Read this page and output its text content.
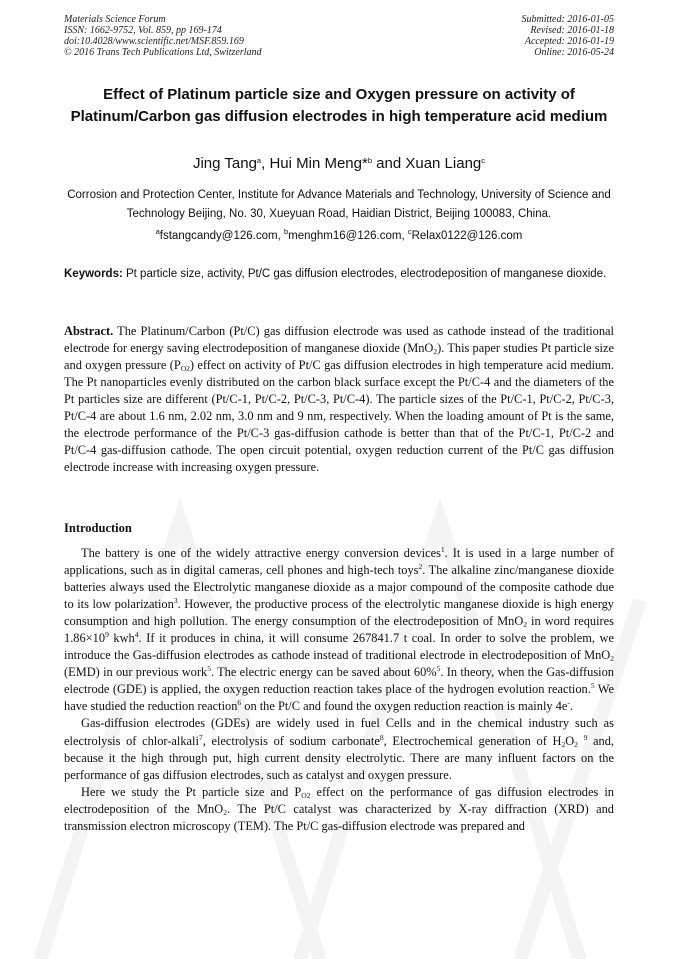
Materials Science Forum
ISSN: 1662-9752, Vol. 859, pp 169-174
doi:10.4028/www.scientific.net/MSF.859.169
© 2016 Trans Tech Publications Ltd, Switzerland
Submitted: 2016-01-05
Revised: 2016-01-18
Accepted: 2016-01-19
Online: 2016-05-24
Effect of Platinum particle size and Oxygen pressure on activity of Platinum/Carbon gas diffusion electrodes in high temperature acid medium
Jing Tang$^a$, Hui Min Meng*$^b$ and Xuan Liang$^c$
Corrosion and Protection Center, Institute for Advance Materials and Technology, University of Science and Technology Beijing, No. 30, Xueyuan Road, Haidian District, Beijing 100083, China.
$^a$fstangcandy@126.com, $^b$menghm16@126.com, $^c$Relax0122@126.com
Keywords: Pt particle size, activity, Pt/C gas diffusion electrodes, electrodeposition of manganese dioxide.
Abstract. The Platinum/Carbon (Pt/C) gas diffusion electrode was used as cathode instead of the traditional electrode for energy saving electrodeposition of manganese dioxide (MnO$_2$). This paper studies Pt particle size and oxygen pressure $(P_{O2})$ effect on activity of Pt/C gas diffusion electrodes in high temperature acid medium. The Pt nanoparticles evenly distributed on the carbon black surface except the Pt/C-4 and the diameters of the Pt particles size are different (Pt/C-1, Pt/C-2, Pt/C-3, Pt/C-4). The particle sizes of the Pt/C-1, Pt/C-2, Pt/C-3, Pt/C-4 are about 1.6 nm, 2.02 nm, 3.0 nm and 9 nm, respectively. When the loading amount of Pt is the same, the electrode performance of the Pt/C-3 gas-diffusion cathode is better than that of the Pt/C-1, Pt/C-2 and Pt/C-4 gas-diffusion cathode. The open circuit potential, oxygen reduction current of the Pt/C gas diffusion electrode increase with increasing oxygen pressure.
Introduction

The battery is one of the widely attractive energy conversion devices$^1$. It is used in a large number of applications, such as in digital cameras, cell phones and high-tech toys$^2$. The alkaline zinc/manganese dioxide batteries always used the Electrolytic manganese dioxide as a major compound of the composite cathode due to its low polarization$^3$. However, the productive process of the electrolytic manganese dioxide is high energy consumption and high pollution. The energy consumption of the electrodeposition of MnO$_2$ in word requires $1.86\times 10^9$ kwh$^4$. If it produces in china, it will consume 267841.7 t coal. In order to solve the problem, we introduce the Gas-diffusion electrodes as cathode instead of traditional electrode in electrodeposition of MnO$_2$ (EMD) in our previous work$^5$. The electric energy can be saved about 60%$^5$. In theory, when the Gas-diffusion electrode (GDE) is applied, the oxygen reduction reaction takes place of the hydrogen evolution reaction.$^5$ We have studied the reduction reaction$^6$ on the Pt/C and found the oxygen reduction reaction is mainly 4e-.

Gas-diffusion electrodes (GDEs) are widely used in fuel Cells and in the chemical industry such as electrolysis of chlor-alkali$^7$, electrolysis of sodium carbonate$^8$, Electrochemical generation of $H_2O_2$ $^9$ and, because it the high through put, high current density electrolytic. There are many influent factors on the performance of gas diffusion electrodes, such as catalyst and oxygen pressure.

Here we study the Pt particle size and $P_{O2}$ effect on the performance of gas diffusion electrodes in electrodeposition of the MnO$_2$. The Pt/C catalyst was characterized by X-ray diffraction (XRD) and transmission electron microscopy (TEM). The Pt/C gas-diffusion electrode was prepared and
